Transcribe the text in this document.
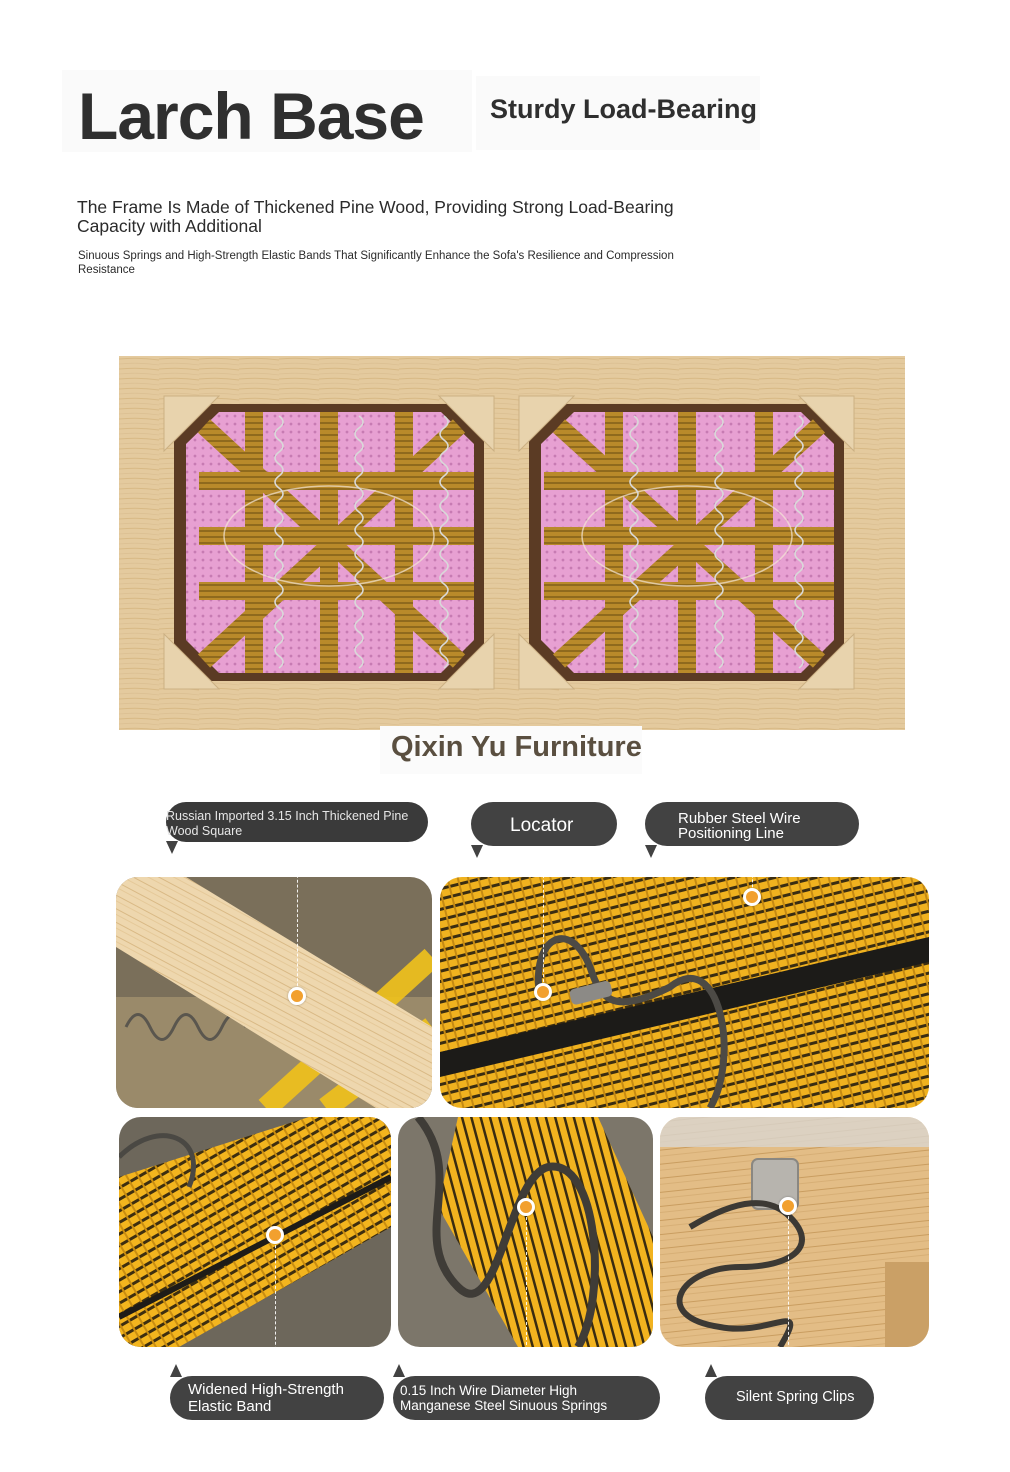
Larch Base Sturdy Load-Bearing

The Frame Is Made of Thickened Pine Wood, Providing Strong Load-Bearing Capacity with Additional

Sinuous Springs and High-Strength Elastic Bands That Significantly Enhance the Sofa's Resilience and Compression Resistance

Qixin Yu Furniture
Russian Imported 3.15 Inch Thickened Pine Wood Square	Locator	Rubber Steel Wire Positioning Line
Widened High-Strength Elastic Band
0.15 Inch Wire Diameter High Manganese Steel Sinuous Springs
Silent Spring Clips
